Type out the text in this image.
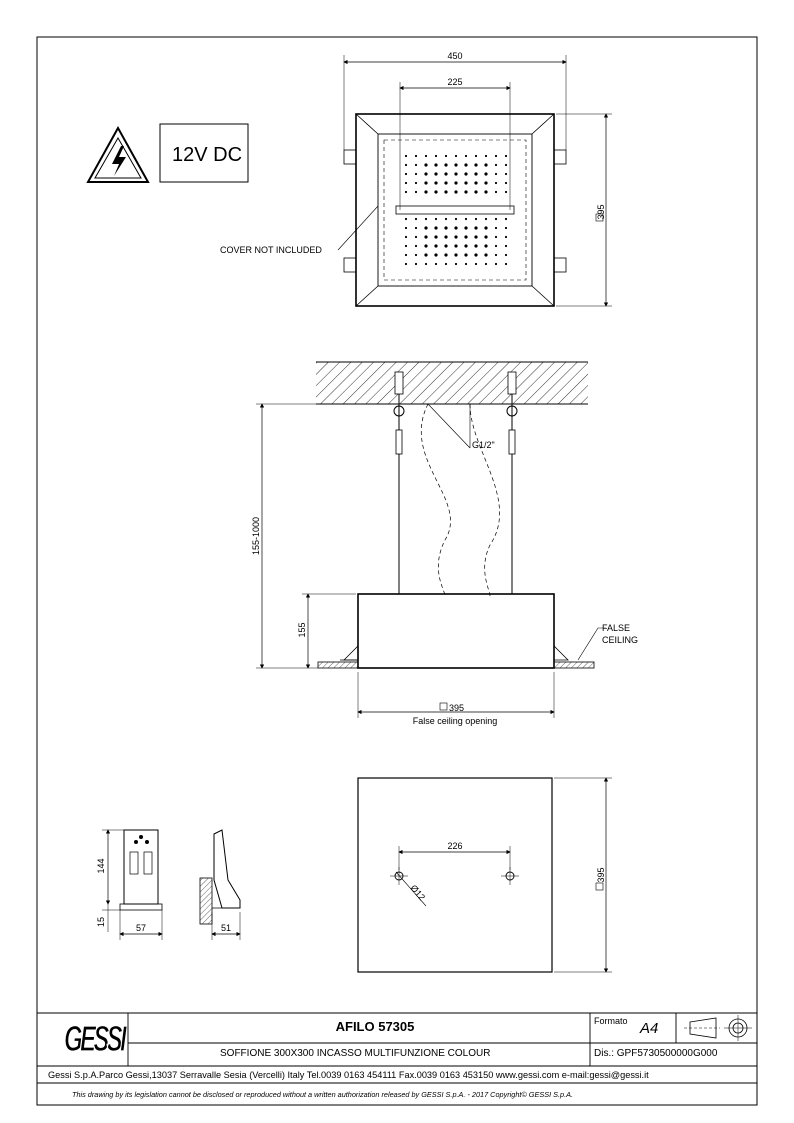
450
225
395
COVER NOT INCLUDED
G1/2"
155-1000
155	FALSE
CEILING
395
False ceiling opening
144
15
57	51
226
Ø12
395
12V DC
GESSI	AFILO 57305
SOFFIONE 300X300 INCASSO MULTIFUNZIONE COLOUR
Formato A4
Dis.: GPF5730500000G000
Gessi S.p.A.Parco Gessi,13037 Serravalle Sesia (Vercelli) Italy Tel.0039 0163 454111 Fax.0039 0163 453150 www.gessi.com e-mail:gessi@gessi.it
This drawing by its legislation cannot be disclosed or reproduced without a written authorization released by GESSI S.p.A. - 2017 Copyright© GESSI S.p.A.
